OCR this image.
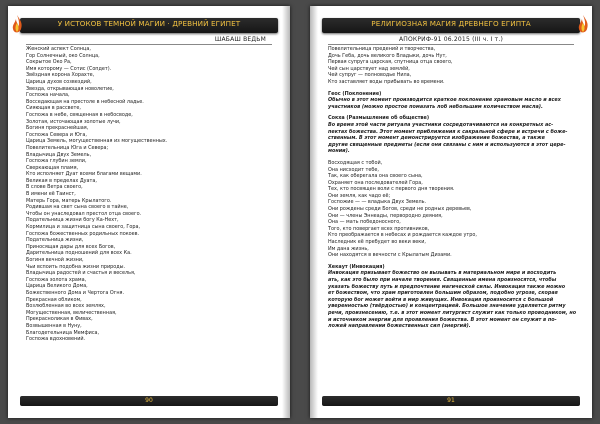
У ИСТОКОВ ТЕМНОЙ МАГИИ · ДРЕВНИЙ ЕГИПЕТ
ШАБАШ ВЕДЬМ
Женский аспект Солнца,
Гор Солнечный, око Солнца,
Сокрытое Око Ра,
Имя которому — Сотис (Сопдет).
Звёздная корона Хорахте,
Царица духов созвездий,
Звезда, открывающая новолетие,
Госпожа начала,
Восседающая на престоле в небесной ладье.
Сияющая в рассвете,
Госпожа в небе, священная в небосводе,
Золотая, источающая золотые лучи,
Богиня прекраснейшая,
Госпожа Севера и Юга,
Царица Земель, могущественная из могущественных.
Повелительница Юга и Севера;
Владычица Двух Земель,
Госпожа глубин земли,
Сверкающая пламя,
Кто исполняет Дуат всеми благами вещами.
Великая в пределах Дуата,
В слове Ветра своего,
В имени её Таинст,
Матерь Гора, матерь Крылатого.
Родившая на свет сына своего в тайне,
Чтобы он унаследовал престол отца своего.
Подательница жизни богу Ка-Нехт,
Кормилица и защитница сына своего, Гора,
Госпожа божественных родильных покоев.
Подательница жизни,
Приносящая дары для всех Богов,
Дарительница подношений для всех Ка.
Богиня вечной жизни,
Чьи вспоить подобна жизни природы.
Владычица радостей и счастья и веселья,
Госпожа золота храма,
Царица Великого Дома,
Божественного Дома и Чертога Огня.
Прекрасная обликом,
Возлюбленная во всех землях,
Могущественная, величественная,
Прекрасноликая в Фивах,
Возвышенная в Нуну,
Благодетельница Мемфиса,
Госпожа вдохновений.
90
РЕЛИГИОЗНАЯ МАГИЯ ДРЕВНЕГО ЕГИПТА
АПОКРИФ-91 06.2015 (III ч. I т.)
Повелительница предений и творчества,
Дочь Геба, дочь великого Владыки, дочь Нут,
Первая супруга царская, спутница отца своего,
Чей сын царствует над землёй,
Чей супруг — полноводье Нила,
Кто заставляет воды прибывать во времени.
Геос (Поклонение)
Обычно в этот момент производится краткое поклонение храмовым масло и всех
участников (можно простое помазать лоб небольшим количеством масла).
Сокха (Размышление об обществе)
Во время этой части ритуала участники сосредотачиваются на конкретных ас-
пектах божества. Этот момент приближения к сакральной сфере и встречи с боже-
ственным. В этот момент демонстрируется изображение божества, а также
другие священные предметы (если они связаны с ним и используются в этот цере-
монии).
Восходящая с тобой,
Она нисходит тебе,
Так, как оберегала она своего сына,
Охраняет она последователей Гора,
Тех, кто посвящен воли с первого дня творения.
Они земля, как чадо её;
Госпожие — — владыка Двух Земель.
Они рождены среди Богов, среди не родных деревьев,
Они — члены Эннеады, первородно деяния,
Она — мать победоносного,
Того, кто повергает всех противников,
Кто преображается в небесах и рождается каждое утро,
Наследник её пребудет во веки веки,
Им дана жизнь,
Они находятся в вечности с Крылатым Дизами.
Хекаут (Инвокация)
Инвокация призывает божество он вызывать в материальном мире и восходить
ать, как это было при начале творения. Священные имена произносятся, чтобы
указать божеству путь и предпочтение магической силы. Инвокация также можно
ет божеством, что храм приготовлен большим образом, подобно угрозе, скорая
которую бог может войти в мир живущих. Инвокация произносится с большой
уверенностью (твёрдостью) и концентрацией. Большое значение уделяется ритму
речи, произнесению, т.е. в этот момент литургист служит как только проводником, но
и источником энергии для проявления божества. В этот момент он служит в по-
ложей направлении божественных сил (энергий).
91
